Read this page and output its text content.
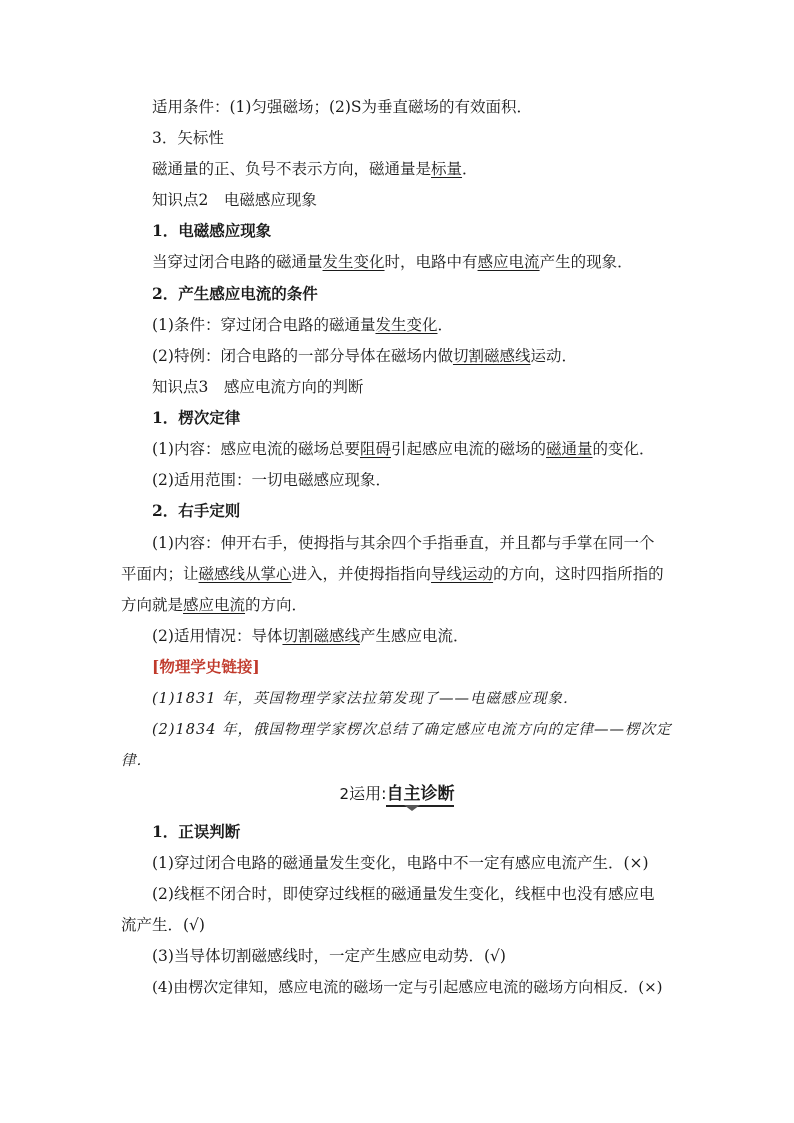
适用条件：(1)匀强磁场；(2)S为垂直磁场的有效面积．
3．矢标性
磁通量的正、负号不表示方向，磁通量是标量．
知识点2　电磁感应现象
1．电磁感应现象
当穿过闭合电路的磁通量发生变化时，电路中有感应电流产生的现象．
2．产生感应电流的条件
(1)条件：穿过闭合电路的磁通量发生变化．
(2)特例：闭合电路的一部分导体在磁场内做切割磁感线运动．
知识点3　感应电流方向的判断
1．楞次定律
(1)内容：感应电流的磁场总要阻碍引起感应电流的磁场的磁通量的变化．
(2)适用范围：一切电磁感应现象．
2．右手定则
(1)内容：伸开右手，使拇指与其余四个手指垂直，并且都与手掌在同一个
平面内；让磁感线从掌心进入，并使拇指指向导线运动的方向，这时四指所指的
方向就是感应电流的方向．
(2)适用情况：导体切割磁感线产生感应电流．
[物理学史链接]
(1)1831 年，英国物理学家法拉第发现了——电磁感应现象．
(2)1834 年，俄国物理学家楞次总结了确定感应电流方向的定律——楞次定
律．
2运用:自主诊断
1．正误判断
(1)穿过闭合电路的磁通量发生变化，电路中不一定有感应电流产生．(×)
(2)线框不闭合时，即使穿过线框的磁通量发生变化，线框中也没有感应电
流产生．(√)
(3)当导体切割磁感线时，一定产生感应电动势．(√)
(4)由楞次定律知，感应电流的磁场一定与引起感应电流的磁场方向相反．(×)
